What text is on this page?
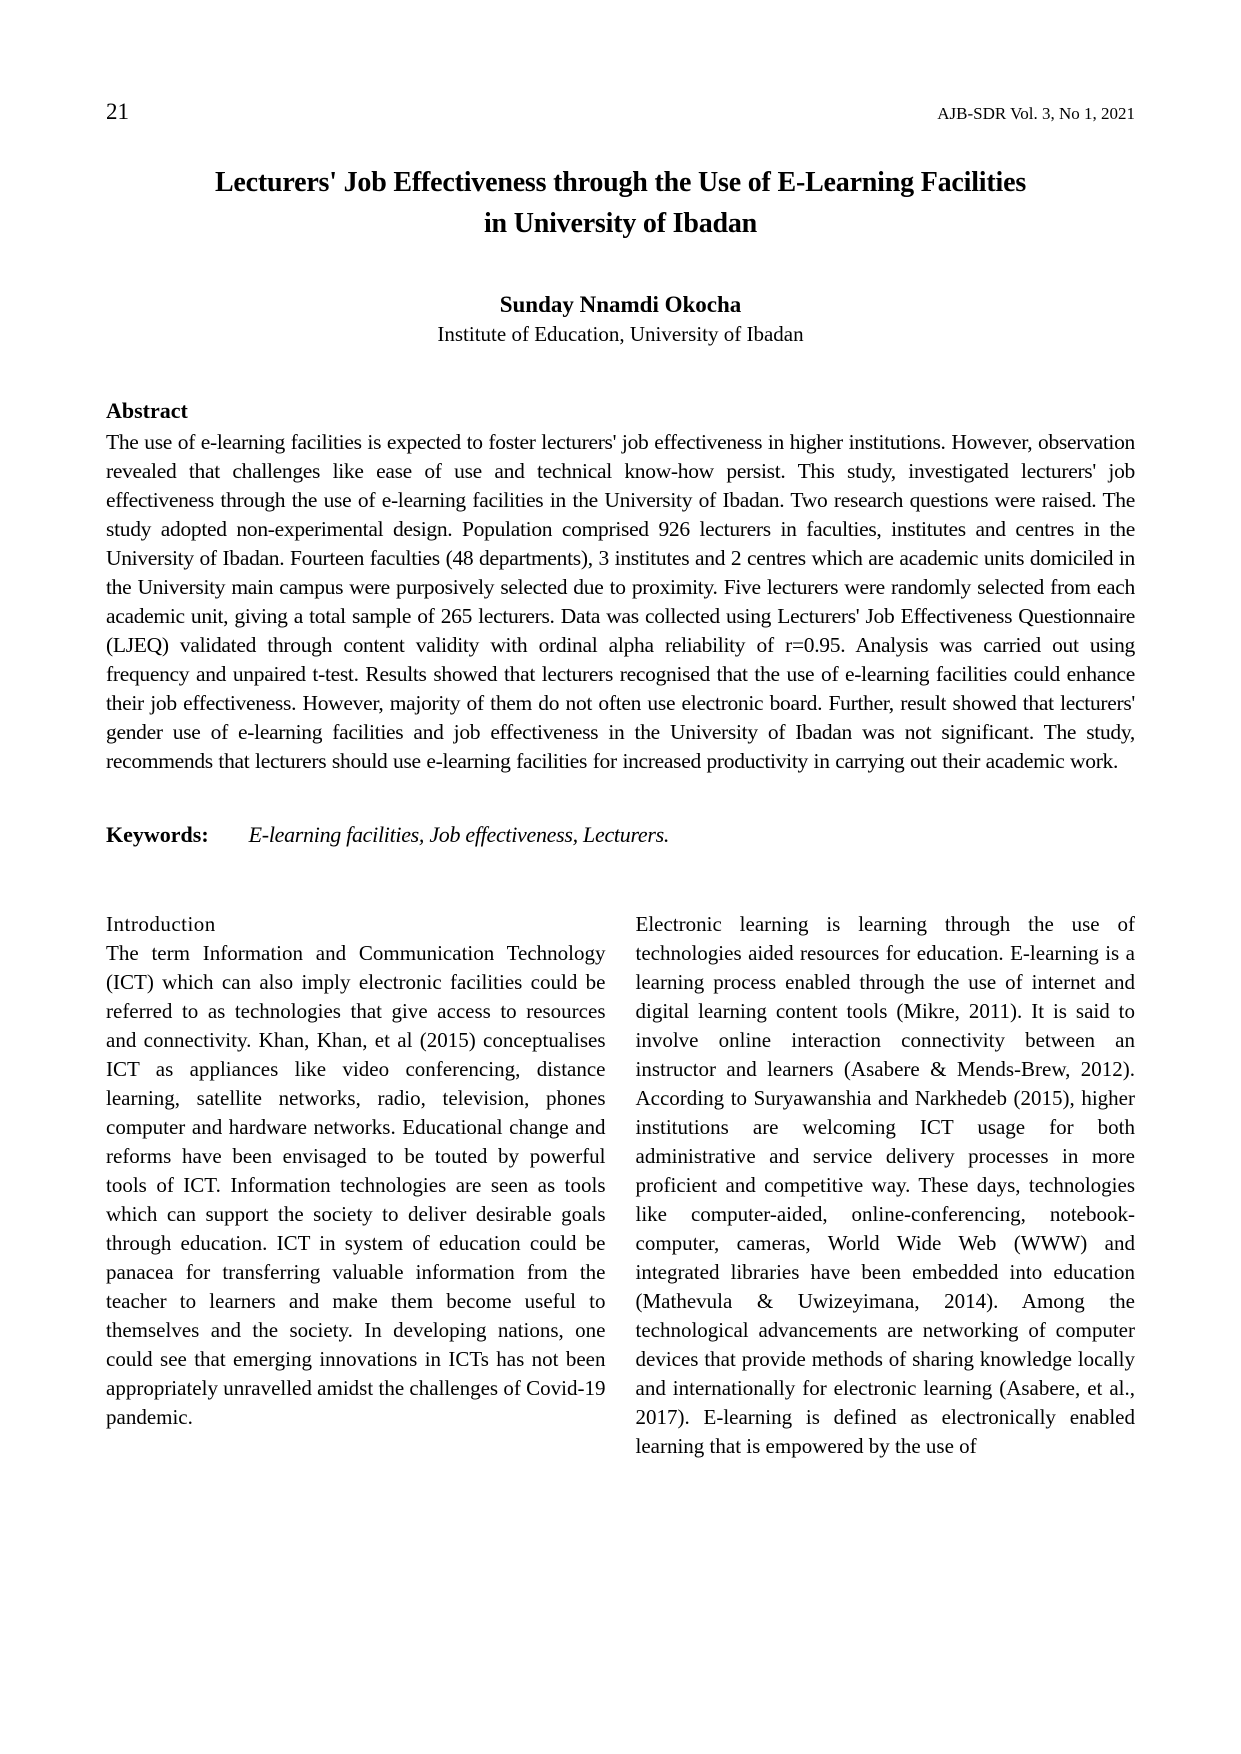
21	AJB-SDR Vol. 3, No 1, 2021
Lecturers' Job Effectiveness through the Use of E-Learning Facilities
in University of Ibadan
Sunday Nnamdi Okocha
Institute of Education, University of Ibadan
Abstract
The use of e-learning facilities is expected to foster lecturers' job effectiveness in higher institutions. However, observation revealed that challenges like ease of use and technical know-how persist. This study, investigated lecturers' job effectiveness through the use of e-learning facilities in the University of Ibadan. Two research questions were raised. The study adopted non-experimental design. Population comprised 926 lecturers in faculties, institutes and centres in the University of Ibadan. Fourteen faculties (48 departments), 3 institutes and 2 centres which are academic units domiciled in the University main campus were purposively selected due to proximity. Five lecturers were randomly selected from each academic unit, giving a total sample of 265 lecturers. Data was collected using Lecturers' Job Effectiveness Questionnaire (LJEQ) validated through content validity with ordinal alpha reliability of r=0.95. Analysis was carried out using frequency and unpaired t-test. Results showed that lecturers recognised that the use of e-learning facilities could enhance their job effectiveness. However, majority of them do not often use electronic board. Further, result showed that lecturers' gender use of e-learning facilities and job effectiveness in the University of Ibadan was not significant. The study, recommends that lecturers should use e-learning facilities for increased productivity in carrying out their academic work.
Keywords: E-learning facilities, Job effectiveness, Lecturers.
Introduction

The term Information and Communication Technology (ICT) which can also imply electronic facilities could be referred to as technologies that give access to resources and connectivity. Khan, Khan, et al (2015) conceptualises ICT as appliances like video conferencing, distance learning, satellite networks, radio, television, phones computer and hardware networks. Educational change and reforms have been envisaged to be touted by powerful tools of ICT. Information technologies are seen as tools which can support the society to deliver desirable goals through education. ICT in system of education could be panacea for transferring valuable information from the teacher to learners and make them become useful to themselves and the society. In developing nations, one could see that emerging innovations in ICTs has not been appropriately unravelled amidst the challenges of Covid-19 pandemic.

Electronic learning is learning through the use of technologies aided resources for education. E-learning is a learning process enabled through the use of internet and digital learning content tools (Mikre, 2011). It is said to involve online interaction connectivity between an instructor and learners (Asabere & Mends-Brew, 2012). According to Suryawanshia and Narkhedeb (2015), higher institutions are welcoming ICT usage for both administrative and service delivery processes in more proficient and competitive way. These days, technologies like computer-aided, online-conferencing, notebook-computer, cameras, World Wide Web (WWW) and integrated libraries have been embedded into education (Mathevula & Uwizeyimana, 2014). Among the technological advancements are networking of computer devices that provide methods of sharing knowledge locally and internationally for electronic learning (Asabere, et al., 2017). E-learning is defined as electronically enabled learning that is empowered by the use of
